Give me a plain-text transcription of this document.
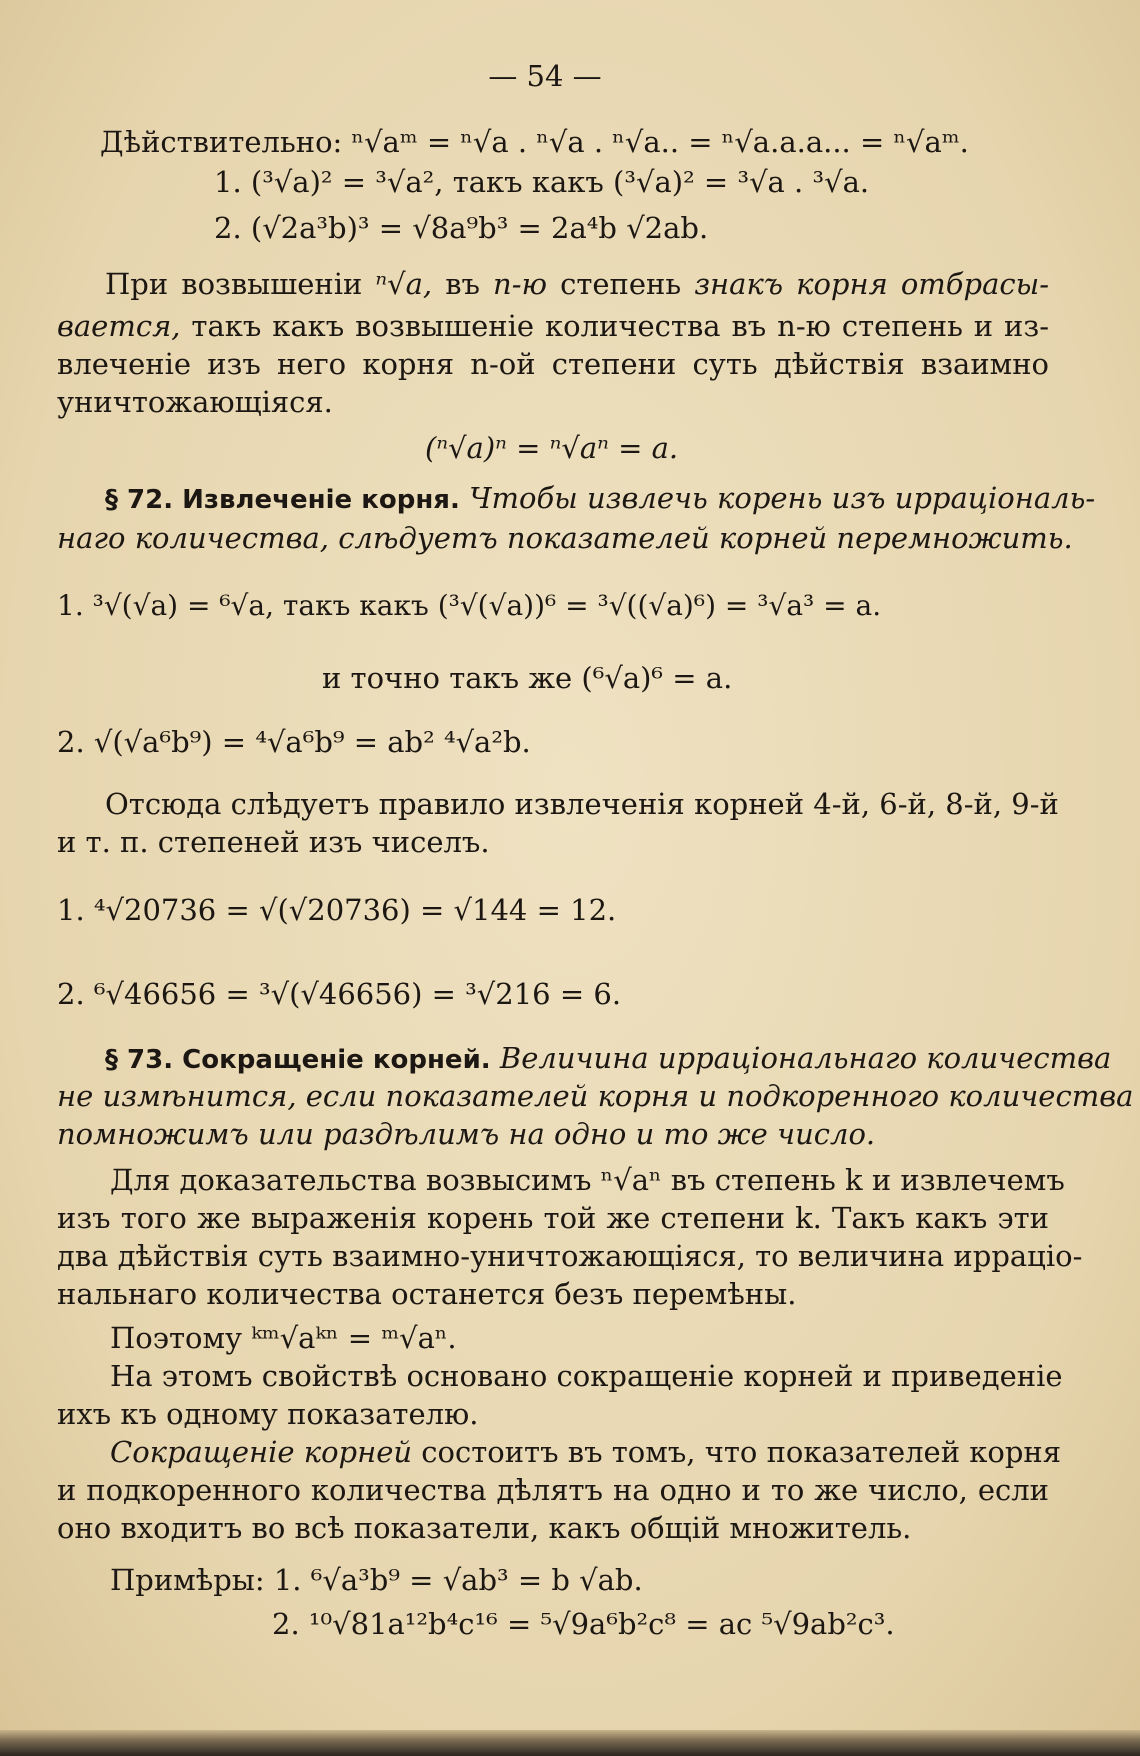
— 54 —
Дѣйствительно: ⁿ√aᵐ = ⁿ√a . ⁿ√a . ⁿ√a.. = ⁿ√a.a.a... = ⁿ√aᵐ.
1. (³√a)² = ³√a², такъ какъ (³√a)² = ³√a . ³√a.
2. (√2a³b)³ = √8a⁹b³ = 2a⁴b √2ab.
При возвышенiи ⁿ√a, въ n-ю степень знакъ корня отбрасы-
вается, такъ какъ возвышенiе количества въ n-ю степень и из-
влеченiе изъ него корня n-ой степени суть дѣйствiя взаимно
уничтожающiяся.
(ⁿ√a)ⁿ = ⁿ√aⁿ = a.
§ 72. Извлеченiе корня. Чтобы извлечь корень изъ ирраціональ-
наго количества, слѣдуетъ показателей корней перемножить.
1. ³√(√a) = ⁶√a, такъ какъ (³√(√a))⁶ = ³√((√a)⁶) = ³√a³ = a.
и точно такъ же (⁶√a)⁶ = a.
2. √(√a⁶b⁹) = ⁴√a⁶b⁹ = ab² ⁴√a²b.
Отсюда слѣдуетъ правило извлеченiя корней 4-й, 6-й, 8-й, 9-й
и т. п. степеней изъ чиселъ.
1. ⁴√20736 = √(√20736) = √144 = 12.
2. ⁶√46656 = ³√(√46656) = ³√216 = 6.
§ 73. Сокращенiе корней. Величина ирраціональнаго количества
не измѣнится, если показателей корня и подкоренного количества
помножимъ или раздѣлимъ на одно и то же число.
Для доказательства возвысимъ ⁿ√aⁿ въ степень k и извлечемъ
изъ того же выраженiя корень той же степени k. Такъ какъ эти
два дѣйствiя суть взаимно-уничтожающiяся, то величина ирраціо-
нальнаго количества останется безъ перемѣны.
Поэтому ᵏᵐ√aᵏⁿ = ᵐ√aⁿ.
На этомъ свойствѣ основано сокращенiе корней и приведенiе
ихъ къ одному показателю.
Сокращенiе корней состоитъ въ томъ, что показателей корня
и подкоренного количества дѣлятъ на одно и то же число, если
оно входитъ во всѣ показатели, какъ общiй множитель.
Примѣры: 1. ⁶√a³b⁹ = √ab³ = b √ab.
2. ¹⁰√81a¹²b⁴c¹⁶ = ⁵√9a⁶b²c⁸ = ac ⁵√9ab²c³.
